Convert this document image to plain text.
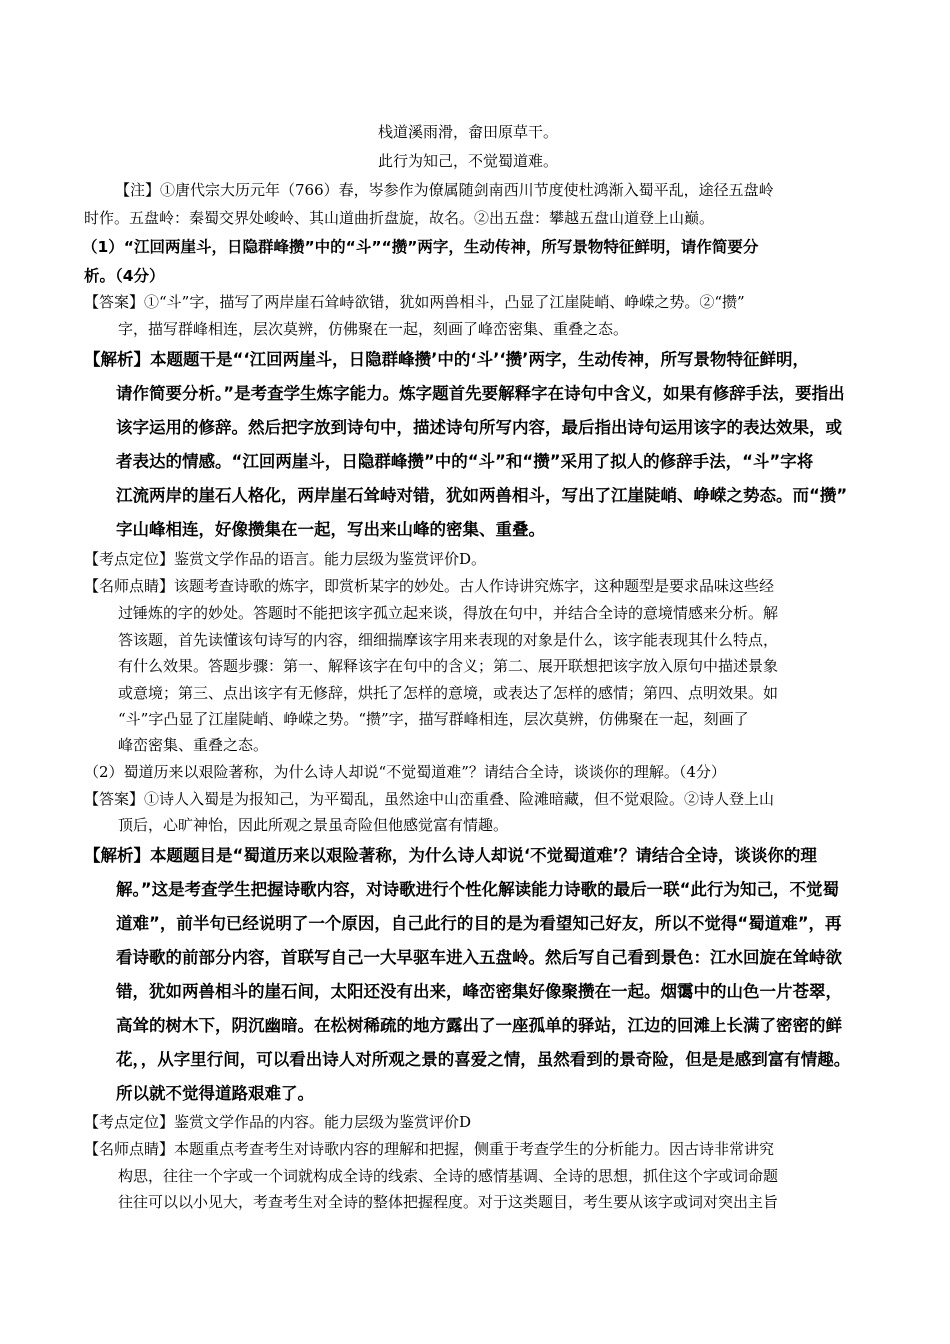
栈道溪雨滑，畲田原草干。
此行为知己，不觉蜀道难。
【注】①唐代宗大历元年（766）春，岑参作为僚属随剑南西川节度使杜鸿渐入蜀平乱，途径五盘岭
时作。五盘岭：秦蜀交界处峻岭、其山道曲折盘旋，故名。②出五盘：攀越五盘山道登上山巅。
（1）“江回两崖斗，日隐群峰攒”中的“斗”“攒”两字，生动传神，所写景物特征鲜明，请作简要分
析。（4分）
【答案】①“斗”字，描写了两岸崖石耸峙欲错，犹如两兽相斗，凸显了江崖陡峭、峥嵘之势。②“攒”
字，描写群峰相连，层次莫辨，仿佛聚在一起，刻画了峰峦密集、重叠之态。
【解析】本题题干是“‘江回两崖斗，日隐群峰攒’中的‘斗’‘攒’两字，生动传神，所写景物特征鲜明，
请作简要分析。”是考查学生炼字能力。炼字题首先要解释字在诗句中含义，如果有修辞手法，要指出
该字运用的修辞。然后把字放到诗句中，描述诗句所写内容，最后指出诗句运用该字的表达效果，或
者表达的情感。“江回两崖斗，日隐群峰攒”中的“斗”和“攒”采用了拟人的修辞手法，“斗”字将
江流两岸的崖石人格化，两岸崖石耸峙对错，犹如两兽相斗，写出了江崖陡峭、峥嵘之势态。而“攒”
字山峰相连，好像攒集在一起，写出来山峰的密集、重叠。
【考点定位】鉴赏文学作品的语言。能力层级为鉴赏评价D。
【名师点睛】该题考查诗歌的炼字，即赏析某字的妙处。古人作诗讲究炼字，这种题型是要求品味这些经
过锤炼的字的妙处。答题时不能把该字孤立起来谈，得放在句中，并结合全诗的意境情感来分析。解
答该题，首先读懂该句诗写的内容，细细揣摩该字用来表现的对象是什么，该字能表现其什么特点，
有什么效果。答题步骤：第一、解释该字在句中的含义；第二、展开联想把该字放入原句中描述景象
或意境；第三、点出该字有无修辞，烘托了怎样的意境，或表达了怎样的感情；第四、点明效果。如
“斗”字凸显了江崖陡峭、峥嵘之势。“攒”字，描写群峰相连，层次莫辨，仿佛聚在一起，刻画了
峰峦密集、重叠之态。
（2）蜀道历来以艰险著称，为什么诗人却说“不觉蜀道难”？请结合全诗，谈谈你的理解。（4分）
【答案】①诗人入蜀是为报知己，为平蜀乱，虽然途中山峦重叠、险滩暗藏，但不觉艰险。②诗人登上山
顶后，心旷神怡，因此所观之景虽奇险但他感觉富有情趣。
【解析】本题题目是“蜀道历来以艰险著称，为什么诗人却说‘不觉蜀道难’？请结合全诗，谈谈你的理
解。”这是考查学生把握诗歌内容，对诗歌进行个性化解读能力诗歌的最后一联“此行为知己，不觉蜀
道难”，前半句已经说明了一个原因，自己此行的目的是为看望知己好友，所以不觉得“蜀道难”，再
看诗歌的前部分内容，首联写自己一大早驱车进入五盘岭。然后写自己看到景色：江水回旋在耸峙欲
错，犹如两兽相斗的崖石间，太阳还没有出来，峰峦密集好像聚攒在一起。烟霭中的山色一片苍翠，
高耸的树木下，阴沉幽暗。在松树稀疏的地方露出了一座孤单的驿站，江边的回滩上长满了密密的鲜
花，，从字里行间，可以看出诗人对所观之景的喜爱之情，虽然看到的景奇险，但是是感到富有情趣。
所以就不觉得道路艰难了。
【考点定位】鉴赏文学作品的内容。能力层级为鉴赏评价D
【名师点睛】本题重点考查考生对诗歌内容的理解和把握，侧重于考查学生的分析能力。因古诗非常讲究
构思，往往一个字或一个词就构成全诗的线索、全诗的感情基调、全诗的思想，抓住这个字或词命题
往往可以以小见大，考查考生对全诗的整体把握程度。对于这类题目，考生要从该字或词对突出主旨
